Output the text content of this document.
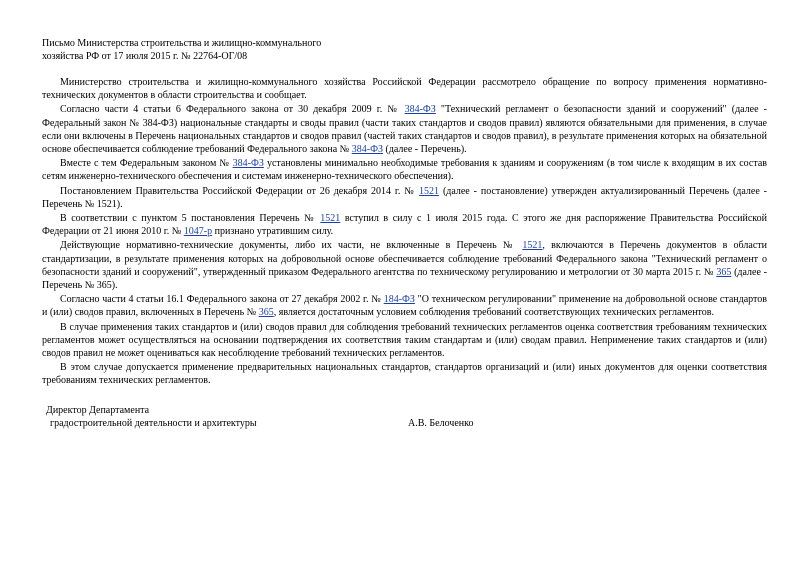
Письмо Министерства строительства и жилищно-коммунального
хозяйства РФ от 17 июля 2015 г. № 22764-ОГ/08

Министерство строительства и жилищно-коммунального хозяйства Российской Федерации рассмотрело обращение по вопросу применения нормативно-технических документов в области строительства и сообщает.

Согласно части 4 статьи 6 Федерального закона от 30 декабря 2009 г. № 384-ФЗ "Технический регламент о безопасности зданий и сооружений" (далее - Федеральный закон № 384-ФЗ) национальные стандарты и своды правил (части таких стандартов и сводов правил) являются обязательными для применения, в случае если они включены в Перечень национальных стандартов и сводов правил (частей таких стандартов и сводов правил), в результате применения которых на обязательной основе обеспечивается соблюдение требований Федерального закона № 384-ФЗ (далее - Перечень).

Вместе с тем Федеральным законом № 384-ФЗ установлены минимально необходимые требования к зданиям и сооружениям (в том числе к входящим в их состав сетям инженерно-технического обеспечения и системам инженерно-технического обеспечения).

Постановлением Правительства Российской Федерации от 26 декабря 2014 г. № 1521 (далее - постановление) утвержден актуализированный Перечень (далее - Перечень № 1521).

В соответствии с пунктом 5 постановления Перечень № 1521 вступил в силу с 1 июля 2015 года. С этого же дня распоряжение Правительства Российской Федерации от 21 июня 2010 г. № 1047-р признано утратившим силу.

Действующие нормативно-технические документы, либо их части, не включенные в Перечень № 1521, включаются в Перечень документов в области стандартизации, в результате применения которых на добровольной основе обеспечивается соблюдение требований Федерального закона "Технический регламент о безопасности зданий и сооружений", утвержденный приказом Федерального агентства по техническому регулированию и метрологии от 30 марта 2015 г. № 365 (далее - Перечень № 365).

Согласно части 4 статьи 16.1 Федерального закона от 27 декабря 2002 г. № 184-ФЗ "О техническом регулировании" применение на добровольной основе стандартов и (или) сводов правил, включенных в Перечень № 365, является достаточным условием соблюдения требований соответствующих технических регламентов.

В случае применения таких стандартов и (или) сводов правил для соблюдения требований технических регламентов оценка соответствия требованиям технических регламентов может осуществляться на основании подтверждения их соответствия таким стандартам и (или) сводам правил. Неприменение таких стандартов и (или) сводов правил не может оцениваться как несоблюдение требований технических регламентов.

В этом случае допускается применение предварительных национальных стандартов, стандартов организаций и (или) иных документов для оценки соответствия требованиям технических регламентов.

Директор Департамента
градостроительной деятельности и архитектуры	А.В. Белоченко
